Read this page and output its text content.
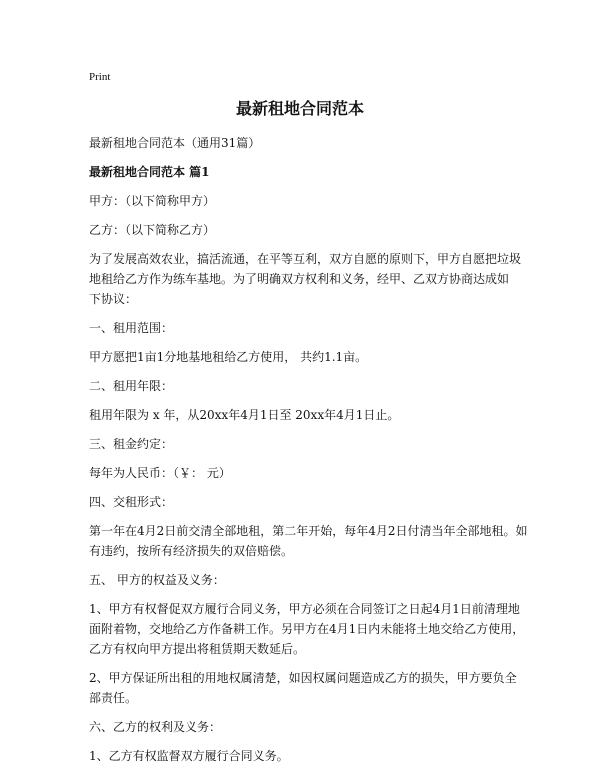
Print
最新租地合同范本

最新租地合同范本（通用31篇）

最新租地合同范本 篇1

甲方：（以下简称甲方）

乙方：（以下简称乙方）

为了发展高效农业，搞活流通，在平等互利，双方自愿的原则下，甲方自愿把垃圾
地租给乙方作为练车基地。为了明确双方权利和义务，经甲、乙双方协商达成如
下协议：

一、租用范围：

甲方愿把1亩1分地基地租给乙方使用， 共约1.1亩。

二、租用年限：

租用年限为 x 年，从20xx年4月1日至 20xx年4月1日止。

三、租金约定：

每年为人民币：（￥： 元）

四、交租形式：

第一年在4月2日前交清全部地租，第二年开始，每年4月2日付清当年全部地租。如
有违约，按所有经济损失的双倍赔偿。

五、 甲方的权益及义务：

1、甲方有权督促双方履行合同义务，甲方必须在合同签订之日起4月1日前清理地
面附着物，交地给乙方作备耕工作。另甲方在4月1日内未能将土地交给乙方使用，
乙方有权向甲方提出将租赁期天数延后。

2、甲方保证所出租的用地权属清楚，如因权属问题造成乙方的损失，甲方要负全
部责任。

六、乙方的权利及义务：

1、乙方有权监督双方履行合同义务。
